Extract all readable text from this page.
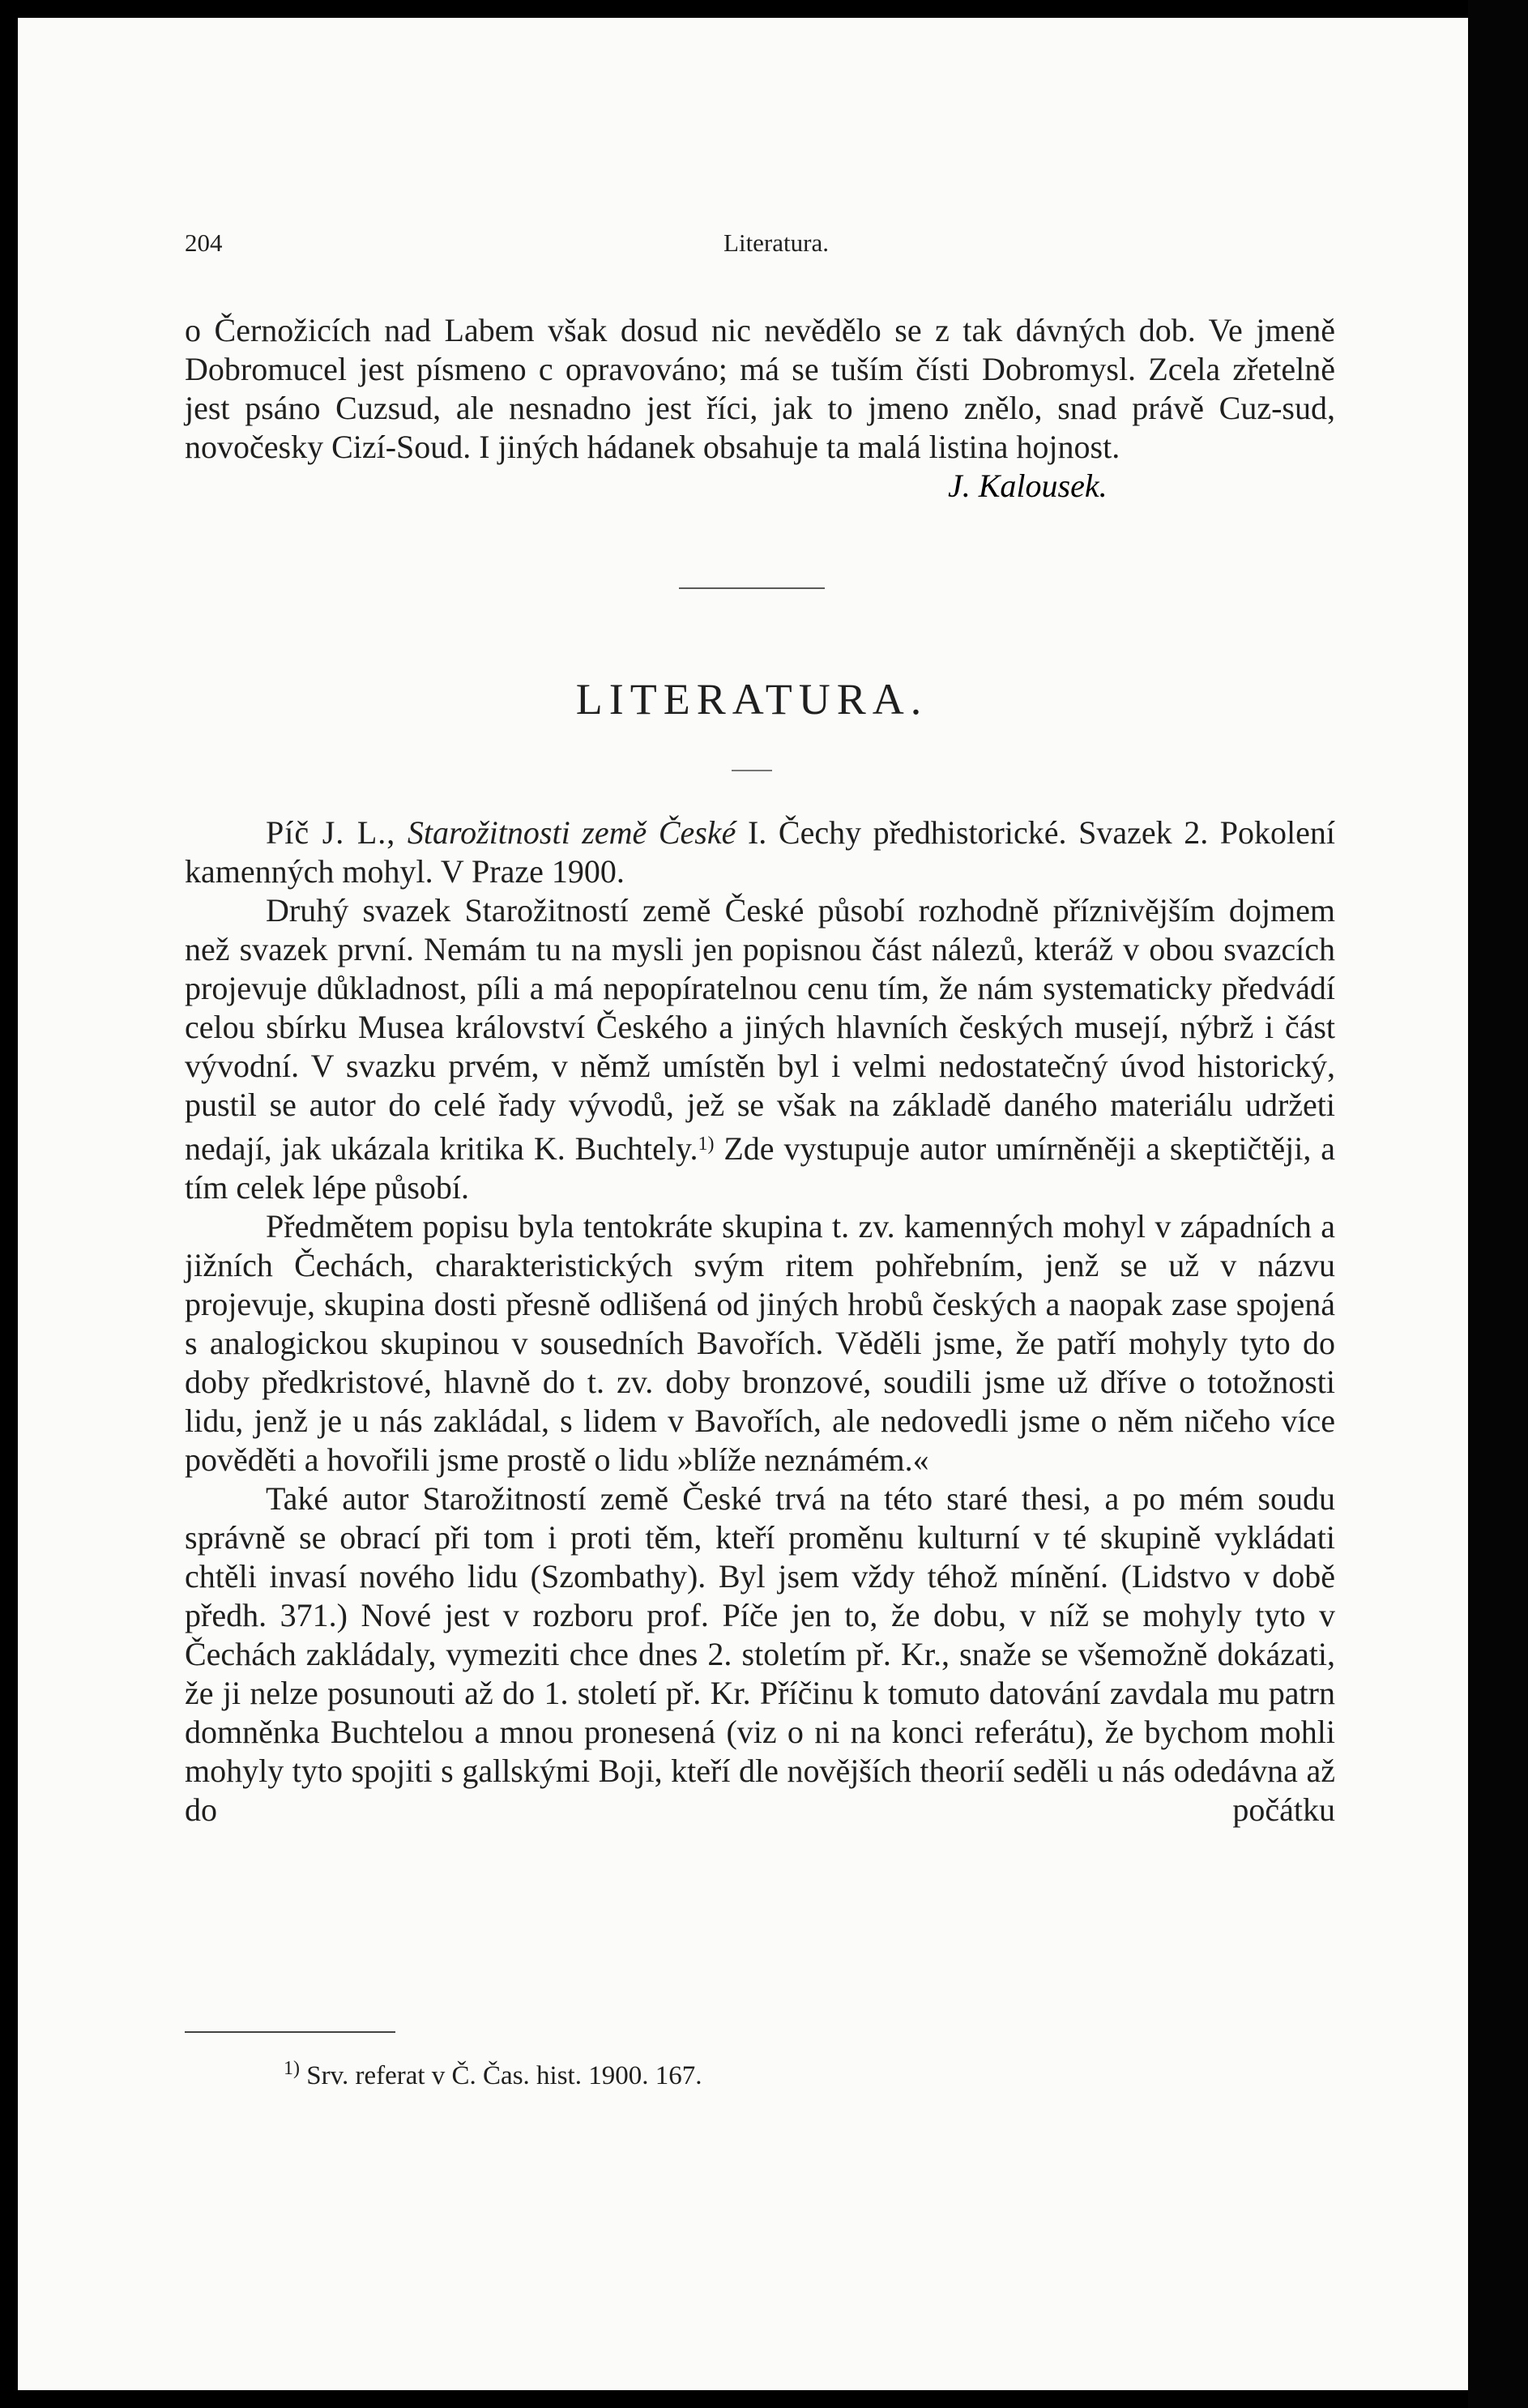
204	Literatura.

o Černožicích nad Labem však dosud nic nevědělo se z tak dávných dob. Ve jmeně Dobromucel jest písmeno c opravováno; má se tuším čísti Dobromysl. Zcela zřetelně jest psáno Cuzsud, ale nesnadno jest říci, jak to jmeno znělo, snad právě Cuz-sud, novočesky Cizí-Soud. I jiných hádanek obsahuje ta malá listina hojnost.

J. Kalousek.
LITERATURA.

Píč J. L., Starožitnosti země České I. Čechy předhistorické. Svazek 2. Pokolení kamenných mohyl. V Praze 1900.

Druhý svazek Starožitností země České působí rozhodně příznivějším dojmem než svazek první. Nemám tu na mysli jen popisnou část nálezů, kteráž v obou svazcích projevuje důkladnost, píli a má nepopíratelnou cenu tím, že nám systematicky předvádí celou sbírku Musea království Českého a jiných hlavních českých musejí, nýbrž i část vývodní. V svazku prvém, v němž umístěn byl i velmi nedostatečný úvod historický, pustil se autor do celé řady vývodů, jež se však na základě daného materiálu udržeti nedají, jak ukázala kritika K. Buchtely.$^{1)}$ Zde vystupuje autor umírněněji a skeptičtěji, a tím celek lépe působí.

Předmětem popisu byla tentokráte skupina t. zv. kamenných mohyl v západních a jižních Čechách, charakteristických svým ritem pohřebním, jenž se už v názvu projevuje, skupina dosti přesně odlišená od jiných hrobů českých a naopak zase spojená s analogickou skupinou v sousedních Bavořích. Věděli jsme, že patří mohyly tyto do doby předkristové, hlavně do t. zv. doby bronzové, soudili jsme už dříve o totožnosti lidu, jenž je u nás zakládal, s lidem v Bavořích, ale nedovedli jsme o něm ničeho více pověděti a hovořili jsme prostě o lidu »blíže neznámém.«

Také autor Starožitností země České trvá na této staré thesi, a po mém soudu správně se obrací při tom i proti těm, kteří proměnu kulturní v té skupině vykládati chtěli invasí nového lidu (Szombathy). Byl jsem vždy téhož mínění. (Lidstvo v době předh. 371.) Nové jest v rozboru prof. Píče jen to, že dobu, v níž se mohyly tyto v Čechách zakládaly, vymeziti chce dnes 2. stoletím př. Kr., snaže se všemožně dokázati, že ji nelze posunouti až do 1. století př. Kr. Příčinu k tomuto datování zavdala mu patrn domněnka Buchtelou a mnou pronesená (viz o ni na konci referátu), že bychom mohli mohyly tyto spojiti s gallskými Boji, kteří dle novějších theorií seděli u nás odedávna až do počátku

$^{1)}$ Srv. referat v Č. Čas. hist. 1900. 167.
